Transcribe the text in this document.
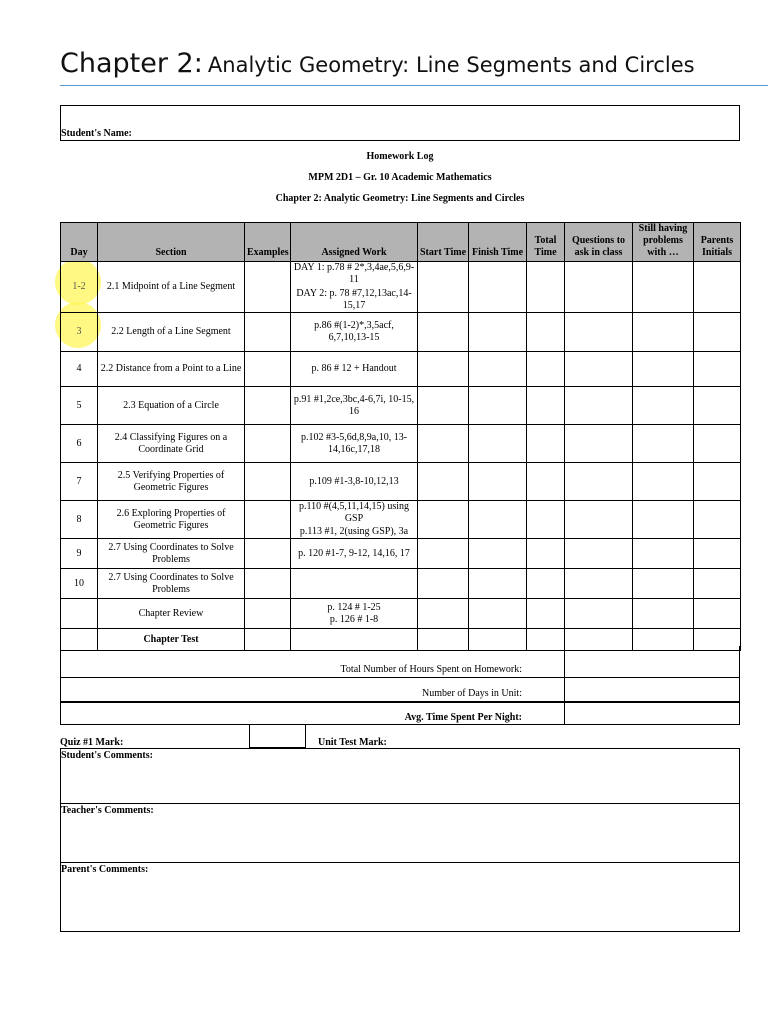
Chapter 2: Analytic Geometry: Line Segments and Circles
Student's Name:
Homework Log
MPM 2D1 – Gr. 10 Academic Mathematics
Chapter 2: Analytic Geometry: Line Segments and Circles
Day	Section	Examples	Assigned Work	Start Time	Finish Time	Total Time	Questions to ask in class	Still having problems with …	Parents Initials
1-2	2.1 Midpoint of a Line Segment		DAY 1: p.78 # 2*,3,4ae,5,6,9-11
DAY 2: p. 78 #7,12,13ac,14-15,17						

3	2.2 Length of a Line Segment		p.86 #(1-2)*,3,5acf, 6,7,10,13-15						
4	2.2 Distance from a Point to a Line		p. 86 # 12 + Handout						
5	2.3 Equation of a Circle		p.91 #1,2ce,3bc,4-6,7i, 10-15, 16						
6	2.4 Classifying Figures on a Coordinate Grid		p.102 #3-5,6d,8,9a,10, 13-14,16c,17,18						
7	2.5 Verifying Properties of Geometric Figures		p.109 #1-3,8-10,12,13						
8	2.6 Exploring Properties of Geometric Figures		p.110 #(4,5,11,14,15) using GSP
p.113 #1, 2(using GSP), 3a						

9	2.7 Using Coordinates to Solve Problems		p. 120 #1-7, 9-12, 14,16, 17						
10	2.7 Using Coordinates to Solve Problems								
	Chapter Review		p. 124 # 1-25
p. 126 # 1-8						

	Chapter Test								
Total Number of Hours Spent on Homework:
Number of Days in Unit:
Avg. Time Spent Per Night:
Quiz #1 Mark:	Unit Test Mark:
Student's Comments:
Teacher's Comments:
Parent's Comments:
